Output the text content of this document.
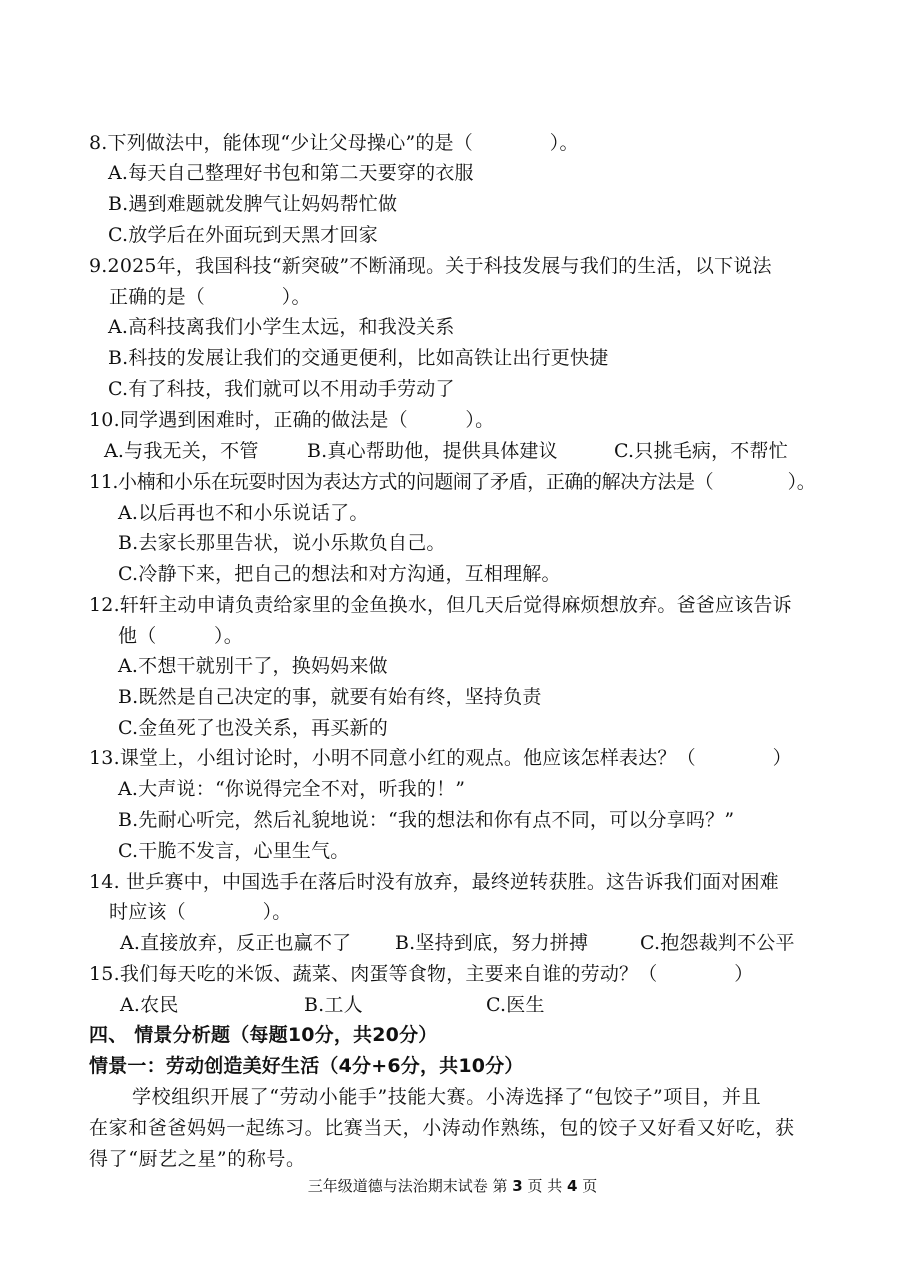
8.下列做法中，能体现“少让父母操心”的是（　　　　）。
A.每天自己整理好书包和第二天要穿的衣服
B.遇到难题就发脾气让妈妈帮忙做
C.放学后在外面玩到天黑才回家
9.2025年，我国科技“新突破”不断涌现。关于科技发展与我们的生活，以下说法
正确的是（　　　　）。
A.高科技离我们小学生太远，和我没关系
B.科技的发展让我们的交通更便利，比如高铁让出行更快捷
C.有了科技，我们就可以不用动手劳动了
10.同学遇到困难时，正确的做法是（　　　）。

A.与我无关，不管

	B.真心帮助他，提供具体建议

	C.只挑毛病，不帮忙

11.小楠和小乐在玩耍时因为表达方式的问题闹了矛盾，正确的解决方法是（　　　　）。
A.以后再也不和小乐说话了。
B.去家长那里告状，说小乐欺负自己。
C.冷静下来，把自己的想法和对方沟通，互相理解。
12.轩轩主动申请负责给家里的金鱼换水，但几天后觉得麻烦想放弃。爸爸应该告诉
他（　　　）。
A.不想干就别干了，换妈妈来做
B.既然是自己决定的事，就要有始有终，坚持负责
C.金鱼死了也没关系，再买新的
13.课堂上，小组讨论时，小明不同意小红的观点。他应该怎样表达？（　　　　）
A.大声说：“你说得完全不对，听我的！”
B.先耐心听完，然后礼貌地说：“我的想法和你有点不同，可以分享吗？”
C.干脆不发言，心里生气。
14. 世乒赛中，中国选手在落后时没有放弃，最终逆转获胜。这告诉我们面对困难
时应该（　　　　）。

A.直接放弃，反正也赢不了

B.坚持到底，努力拼搏

	C.抱怨裁判不公平

15.我们每天吃的米饭、蔬菜、肉蛋等食物，主要来自谁的劳动？（　　　　）

A.农民

	B.工人

	C.医生

四、 情景分析题（每题10分，共20分）
情景一：劳动创造美好生活（4分+6分，共10分）
学校组织开展了“劳动小能手”技能大赛。小涛选择了“包饺子”项目，并且
在家和爸爸妈妈一起练习。比赛当天，小涛动作熟练，包的饺子又好看又好吃，获
得了“厨艺之星”的称号。
三年级道德与法治期末试卷 第 3 页 共 4 页
